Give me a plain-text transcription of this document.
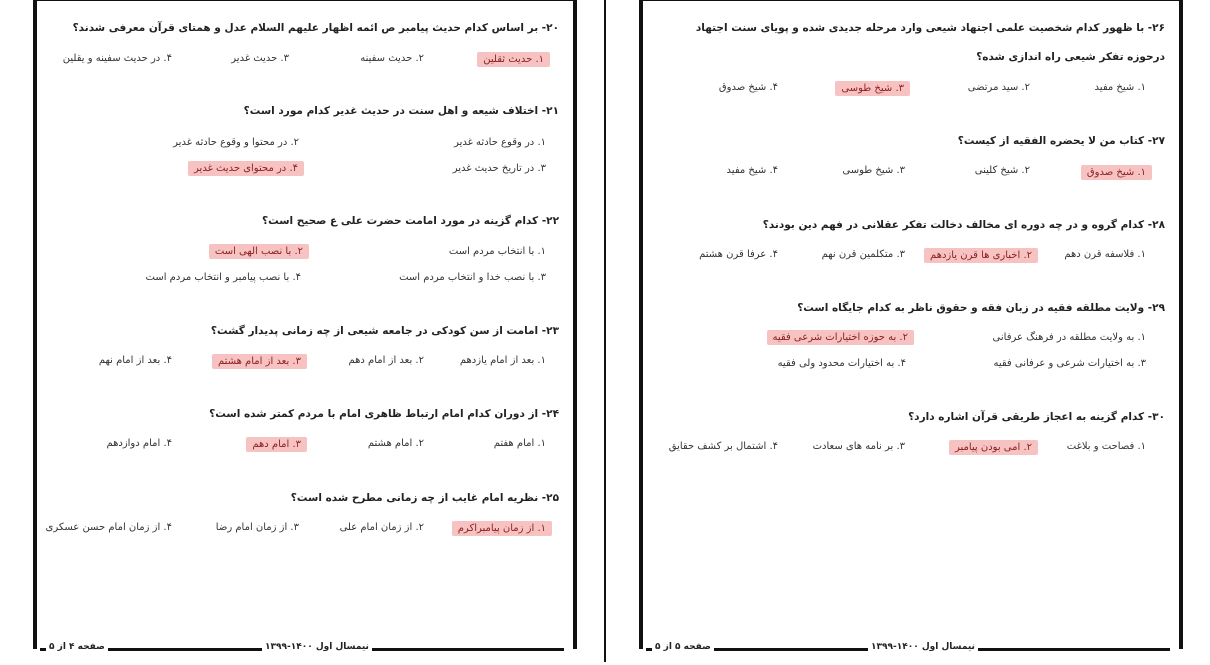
۲۰- بر اساس کدام حدیث پیامبر ص ائمه اظهار علیهم السلام عدل و همتای قرآن معرفی شدند؟
۱. حدیث ثقلین
۲. حدیث سفینه
۳. حدیث غدیر
۴. در حدیث سفینه و یقلین
۲۱- اختلاف شیعه و اهل سنت در حدیث غدیر کدام مورد است؟
۱. در وقوع حادثه غدیر
۲. در محتوا و وقوع حادثه غدیر
۳. در تاریخ حدیث غدیر
۴. در محتوای حدیث غدیر
۲۲- کدام گزینه در مورد امامت حضرت علی ع صحیح است؟
۱. با انتخاب مردم است
۲. با نصب الهی است
۳. با نصب خدا و انتخاب مردم است
۴. با نصب پیامبر و انتخاب مردم است
۲۳- امامت از سن کودکی در جامعه شیعی از چه زمانی پدیدار گشت؟
۱. بعد از امام یازدهم
۲. بعد از امام دهم
۳. بعد از امام هشتم
۴. بعد از امام نهم
۲۴- از دوران کدام امام ارتباط ظاهری امام با مردم کمتر شده است؟
۱. امام هفتم
۲. امام هشتم
۳. امام دهم
۴. امام دوازدهم
۲۵- نظریه امام غایب از چه زمانی مطرح شده است؟
۱. از زمان پیامبراکرم
۲. از زمان امام علی
۳. از زمان امام رضا
۴. از زمان امام حسن عسکری
نیمسال اول ۱۴۰۰-۱۳۹۹
صفحه ۴ از ۵
۲۶- با ظهور کدام شخصیت علمی اجتهاد شیعی وارد مرحله جدیدی شده و پویای سنت اجتهاد درحوزه تفکر شیعی راه اندازی شده؟
۱. شیخ مفید
۲. سید مرتضی
۳. شیخ طوسی
۴. شیخ صدوق
۲۷- کتاب من لا یحضره الفقیه از کیست؟
۱. شیخ صدوق
۲. شیخ کلینی
۳. شیخ طوسی
۴. شیخ مفید
۲۸- کدام گروه و در چه دوره ای مخالف دخالت تفکر عقلانی در فهم دین بودند؟
۱. فلاسفه قرن دهم
۲. اخباری ها قرن یازدهم
۳. متکلمین قرن نهم
۴. عرفا قرن هشتم
۲۹- ولایت مطلقه فقیه در زبان فقه و حقوق ناظر به کدام جایگاه است؟
۱. به ولایت مطلقه در فرهنگ عرفانی
۲. به حوزه اختیارات شرعی فقیه
۳. به اختیارات شرعی و عرفانی فقیه
۴. به اختیارات محدود ولی فقیه
۳۰- کدام گزینه به اعجاز طریقی قرآن اشاره دارد؟
۱. فصاحت و بلاغت
۲. امی بودن پیامبر
۳. بر نامه های سعادت
۴. اشتمال بر کشف حقایق
نیمسال اول ۱۴۰۰-۱۳۹۹
صفحه ۵ از ۵
